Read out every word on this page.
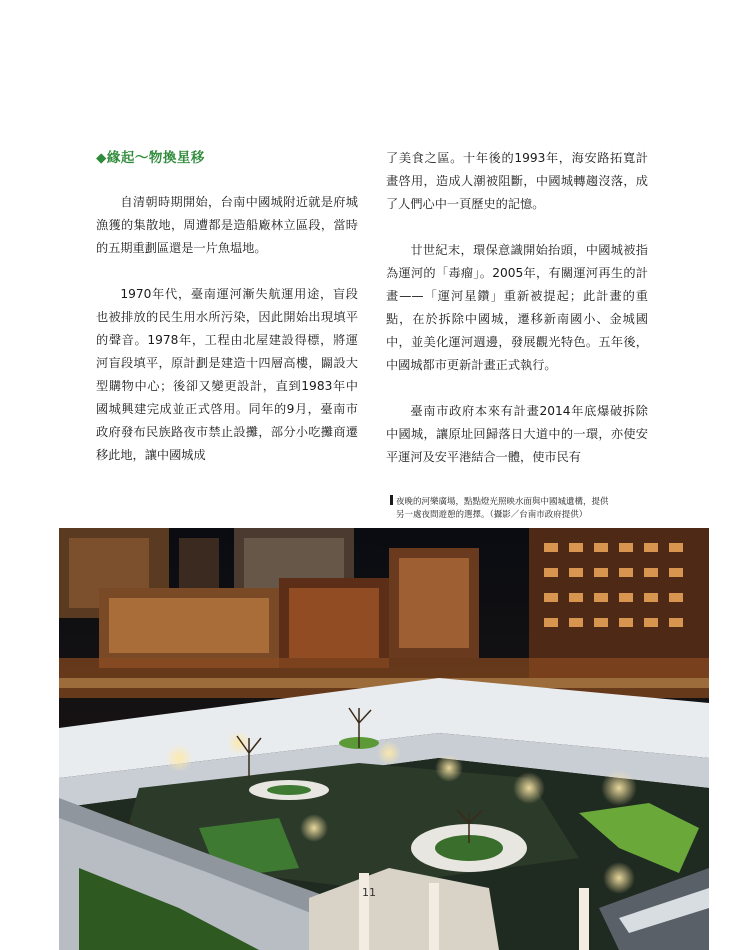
◆緣起～物換星移

自清朝時期開始，台南中國城附近就是府城漁獲的集散地，周遭都是造船廠林立區段，當時的五期重劃區還是一片魚塭地。

1970年代，臺南運河漸失航運用途，盲段也被排放的民生用水所污染，因此開始出現填平的聲音。1978年，工程由北屋建設得標，將運河盲段填平，原計劃是建造十四層高樓，闢設大型購物中心；後卻又變更設計，直到1983年中國城興建完成並正式啓用。同年的9月，臺南市政府發布民族路夜市禁止設攤，部分小吃攤商遷移此地，讓中國城成

了美食之區。十年後的1993年，海安路拓寬計畫啓用，造成人潮被阻斷，中國城轉趨沒落，成了人們心中一頁歷史的記憶。

廿世紀末，環保意識開始抬頭，中國城被指為運河的「毒瘤」。2005年，有關運河再生的計畫——「運河星鑽」重新被提起；此計畫的重點，在於拆除中國城，遷移新南國小、金城國中，並美化運河週邊，發展觀光特色。五年後，中國城都市更新計畫正式執行。

臺南市政府本來有計畫2014年底爆破拆除中國城，讓原址回歸落日大道中的一環，亦使安平運河及安平港結合一體，使市民有

夜晚的河樂廣場，點點燈光照映水面與中國城遺構，提供
另一處夜間遊憩的選擇。（攝影／台南市政府提供）
11
